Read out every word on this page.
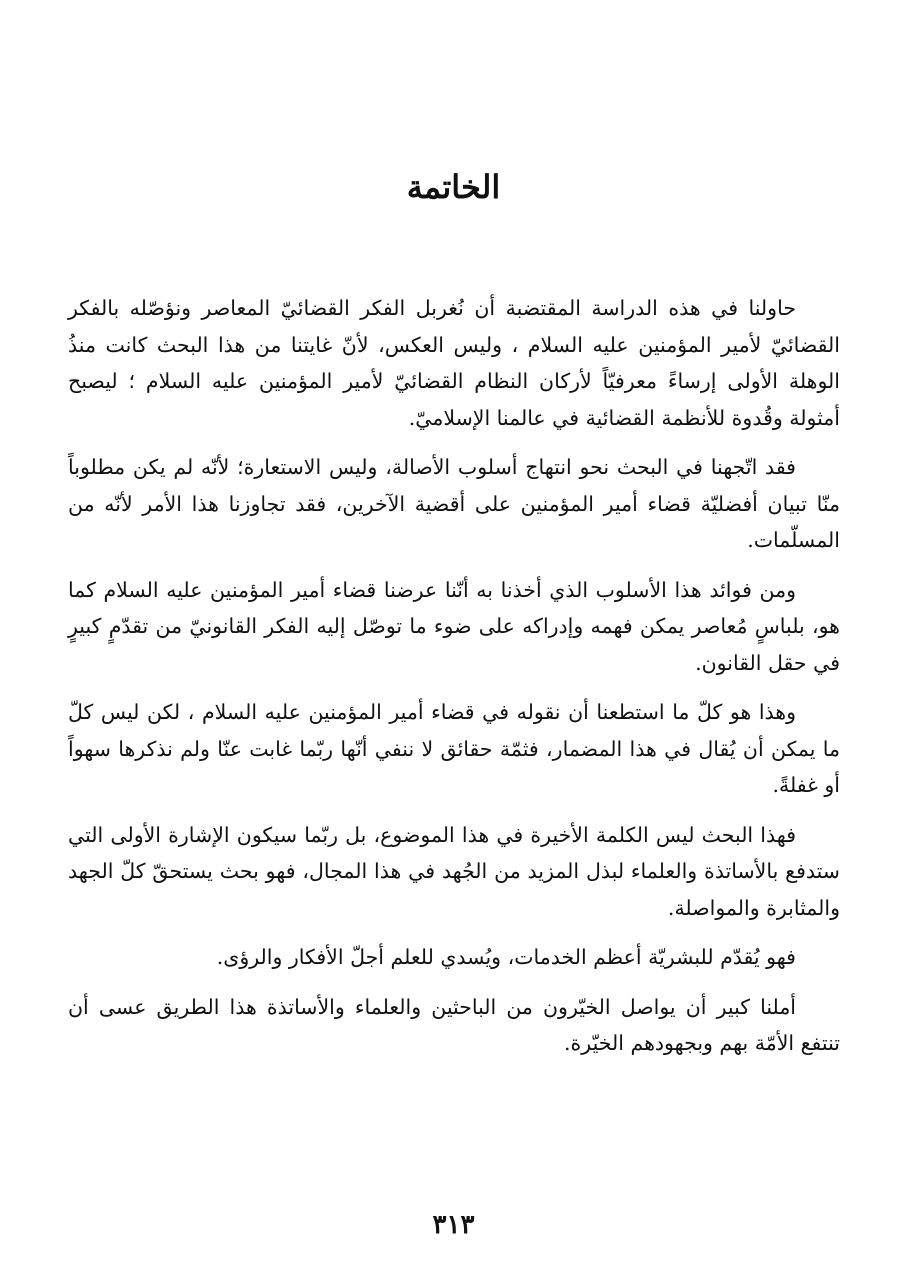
الخاتمة

حاولنا في هذه الدراسة المقتضبة أن نُغربل الفكر القضائيّ المعاصر ونؤصّله بالفكر القضائيّ لأمير المؤمنين عليه السلام ، وليس العكس، لأنّ غايتنا من هذا البحث كانت منذُ الوهلة الأولى إرساءً معرفيّاً لأركان النظام القضائيّ لأمير المؤمنين عليه السلام ؛ ليصبح أمثولة وقُدوة للأنظمة القضائية في عالمنا الإسلاميّ.

فقد اتّجهنا في البحث نحو انتهاج أسلوب الأصالة، وليس الاستعارة؛ لأنّه لم يكن مطلوباً منّا تبيان أفضليّة قضاء أمير المؤمنين على أقضية الآخرين، فقد تجاوزنا هذا الأمر لأنّه من المسلّمات.

ومن فوائد هذا الأسلوب الذي أخذنا به أنّنا عرضنا قضاء أمير المؤمنين عليه السلام كما هو، بلباسٍ مُعاصر يمكن فهمه وإدراكه على ضوء ما توصّل إليه الفكر القانونيّ من تقدّمٍ كبيرٍ في حقل القانون.

وهذا هو كلّ ما استطعنا أن نقوله في قضاء أمير المؤمنين عليه السلام ، لكن ليس كلّ ما يمكن أن يُقال في هذا المضمار، فثمّة حقائق لا ننفي أنّها ربّما غابت عنّا ولم نذكرها سهواً أو غفلةً.

فهذا البحث ليس الكلمة الأخيرة في هذا الموضوع، بل ربّما سيكون الإشارة الأولى التي ستدفع بالأساتذة والعلماء لبذل المزيد من الجُهد في هذا المجال، فهو بحث يستحقّ كلّ الجهد والمثابرة والمواصلة.

فهو يُقدّم للبشريّة أعظم الخدمات، ويُسدي للعلم أجلّ الأفكار والرؤى.

أملنا كبير أن يواصل الخيّرون من الباحثين والعلماء والأساتذة هذا الطريق عسى أن تنتفع الأمّة بهم وبجهودهم الخيّرة.

٣١٣
